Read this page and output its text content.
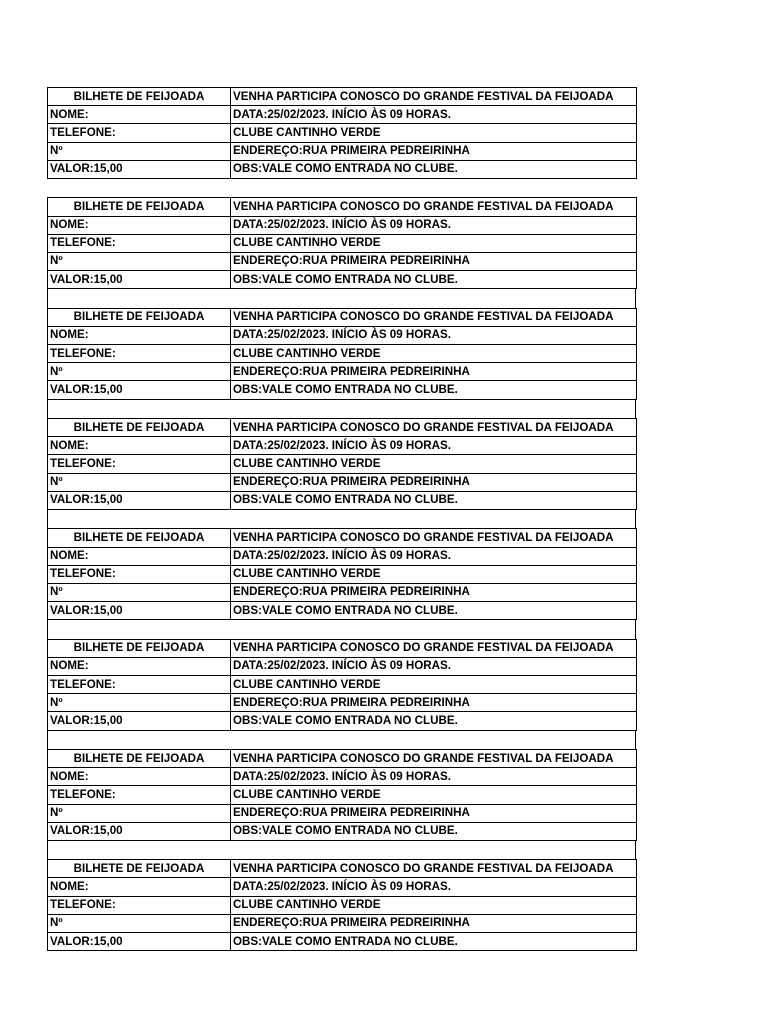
BILHETE DE FEIJOADA	VENHA PARTICIPA CONOSCO DO GRANDE FESTIVAL DA FEIJOADA
NOME:	DATA:25/02/2023. INÍCIO ÀS 09 HORAS.
TELEFONE:	CLUBE CANTINHO VERDE
Nº	ENDEREÇO:RUA PRIMEIRA PEDREIRINHA
VALOR:15,00	OBS:VALE COMO ENTRADA NO CLUBE.
BILHETE DE FEIJOADA	VENHA PARTICIPA CONOSCO DO GRANDE FESTIVAL DA FEIJOADA
NOME:	DATA:25/02/2023. INÍCIO ÀS 09 HORAS.
TELEFONE:	CLUBE CANTINHO VERDE
Nº	ENDEREÇO:RUA PRIMEIRA PEDREIRINHA
VALOR:15,00	OBS:VALE COMO ENTRADA NO CLUBE.
BILHETE DE FEIJOADA	VENHA PARTICIPA CONOSCO DO GRANDE FESTIVAL DA FEIJOADA
NOME:	DATA:25/02/2023. INÍCIO ÀS 09 HORAS.
TELEFONE:	CLUBE CANTINHO VERDE
Nº	ENDEREÇO:RUA PRIMEIRA PEDREIRINHA
VALOR:15,00	OBS:VALE COMO ENTRADA NO CLUBE.
BILHETE DE FEIJOADA	VENHA PARTICIPA CONOSCO DO GRANDE FESTIVAL DA FEIJOADA
NOME:	DATA:25/02/2023. INÍCIO ÀS 09 HORAS.
TELEFONE:	CLUBE CANTINHO VERDE
Nº	ENDEREÇO:RUA PRIMEIRA PEDREIRINHA
VALOR:15,00	OBS:VALE COMO ENTRADA NO CLUBE.
BILHETE DE FEIJOADA	VENHA PARTICIPA CONOSCO DO GRANDE FESTIVAL DA FEIJOADA
NOME:	DATA:25/02/2023. INÍCIO ÀS 09 HORAS.
TELEFONE:	CLUBE CANTINHO VERDE
Nº	ENDEREÇO:RUA PRIMEIRA PEDREIRINHA
VALOR:15,00	OBS:VALE COMO ENTRADA NO CLUBE.
BILHETE DE FEIJOADA	VENHA PARTICIPA CONOSCO DO GRANDE FESTIVAL DA FEIJOADA
NOME:	DATA:25/02/2023. INÍCIO ÀS 09 HORAS.
TELEFONE:	CLUBE CANTINHO VERDE
Nº	ENDEREÇO:RUA PRIMEIRA PEDREIRINHA
VALOR:15,00	OBS:VALE COMO ENTRADA NO CLUBE.
BILHETE DE FEIJOADA	VENHA PARTICIPA CONOSCO DO GRANDE FESTIVAL DA FEIJOADA
NOME:	DATA:25/02/2023. INÍCIO ÀS 09 HORAS.
TELEFONE:	CLUBE CANTINHO VERDE
Nº	ENDEREÇO:RUA PRIMEIRA PEDREIRINHA
VALOR:15,00	OBS:VALE COMO ENTRADA NO CLUBE.
BILHETE DE FEIJOADA	VENHA PARTICIPA CONOSCO DO GRANDE FESTIVAL DA FEIJOADA
NOME:	DATA:25/02/2023. INÍCIO ÀS 09 HORAS.
TELEFONE:	CLUBE CANTINHO VERDE
Nº	ENDEREÇO:RUA PRIMEIRA PEDREIRINHA
VALOR:15,00	OBS:VALE COMO ENTRADA NO CLUBE.
